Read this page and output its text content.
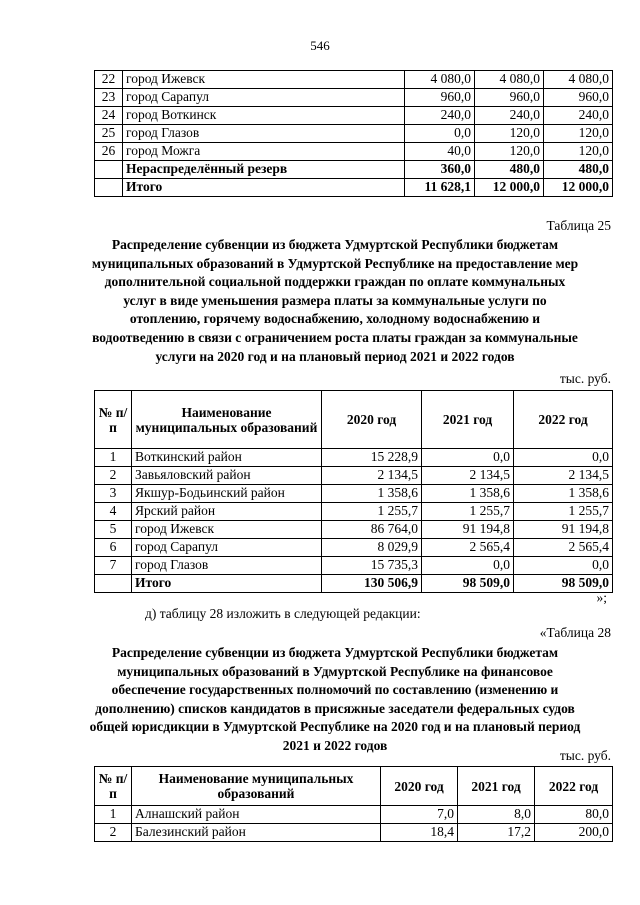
546
22	город Ижевск	4 080,0	4 080,0	4 080,0
23	город Сарапул	960,0	960,0	960,0
24	город Воткинск	240,0	240,0	240,0
25	город Глазов	0,0	120,0	120,0
26	город Можга	40,0	120,0	120,0
	Нераспределённый резерв	360,0	480,0	480,0
	Итого	11 628,1	12 000,0	12 000,0
Таблица 25
Распределение субвенции из бюджета Удмуртской Республики бюджетам муниципальных образований в Удмуртской Республике на предоставление мер дополнительной социальной поддержки граждан по оплате коммунальных услуг в виде уменьшения размера платы за коммунальные услуги по отоплению, горячему водоснабжению, холодному водоснабжению и водоотведению в связи с ограничением роста платы граждан за коммунальные услуги на 2020 год и на плановый период 2021 и 2022 годов
тыс. руб.
№ п/п	Наименование муниципальных образований	2020 год	2021 год	2022 год
1	Воткинский район	15 228,9	0,0	0,0
2	Завьяловский район	2 134,5	2 134,5	2 134,5
3	Якшур-Бодьинский район	1 358,6	1 358,6	1 358,6
4	Ярский район	1 255,7	1 255,7	1 255,7
5	город Ижевск	86 764,0	91 194,8	91 194,8
6	город Сарапул	8 029,9	2 565,4	2 565,4
7	город Глазов	15 735,3	0,0	0,0
	Итого	130 506,9	98 509,0	98 509,0
»;
д) таблицу 28 изложить в следующей редакции:
«Таблица 28
Распределение субвенции из бюджета Удмуртской Республики бюджетам муниципальных образований в Удмуртской Республике на финансовое обеспечение государственных полномочий по составлению (изменению и дополнению) списков кандидатов в присяжные заседатели федеральных судов общей юрисдикции в Удмуртской Республике на 2020 год и на плановый период 2021 и 2022 годов
тыс. руб.
№ п/п	Наименование муниципальных образований	2020 год	2021 год	2022 год
1	Алнашский район	7,0	8,0	80,0
2	Балезинский район	18,4	17,2	200,0
